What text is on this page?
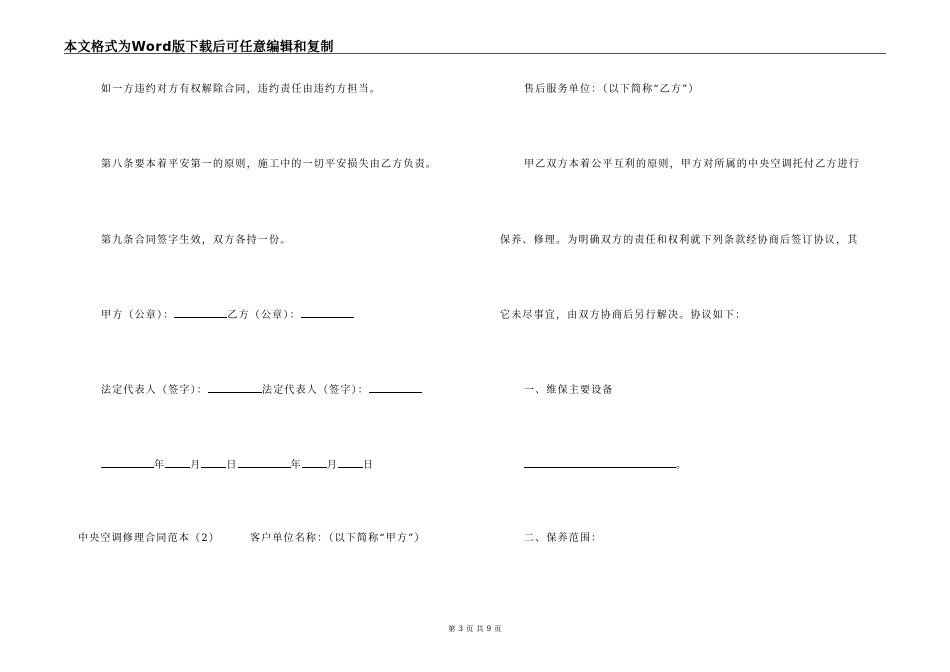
本文格式为Word版下载后可任意编辑和复制
如一方违约对方有权解除合同，违约责任由违约方担当。
第八条要本着平安第一的原则，施工中的一切平安损失由乙方负责。
第九条合同签字生效，双方各持一份。
甲方（公章）：	乙方（公章）：
法定代表人（签字）：	法定代表人（签字）：
年	月	日	年	月	日
中央空调修理合同范本（2）	客户单位名称：（以下简称“甲方”）
售后服务单位：（以下简称“乙方”）
甲乙双方本着公平互利的原则，甲方对所属的中央空调托付乙方进行
保养、修理。为明确双方的责任和权利就下列条款经协商后签订协议，其
它未尽事宜，由双方协商后另行解决。协议如下：
一、维保主要设备
。
二、保养范围：
第 3 页 共 9 页
